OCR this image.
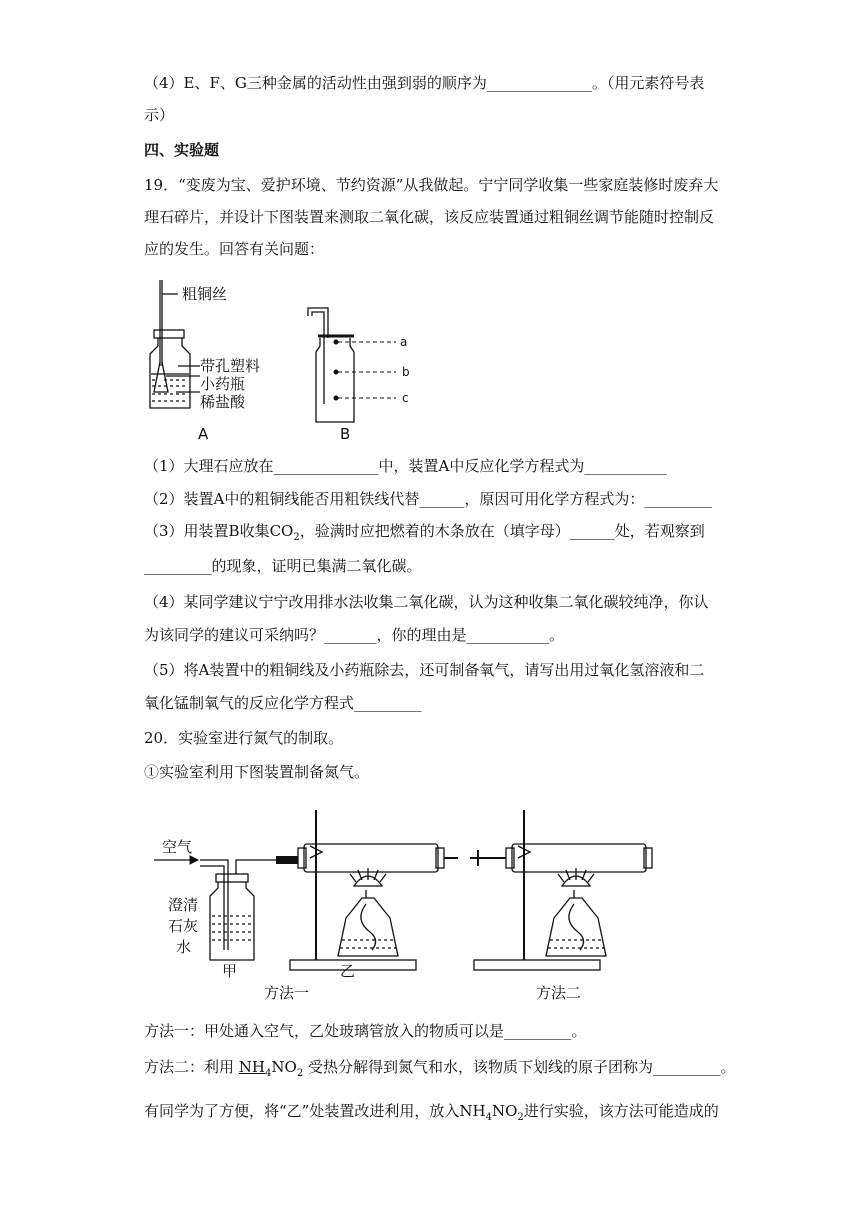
（4）E、F、G三种金属的活动性由强到弱的顺序为______________。（用元素符号表
示）
四、实验题
19．“变废为宝、爱护环境、节约资源”从我做起。宁宁同学收集一些家庭装修时废弃大
理石碎片，并设计下图装置来测取二氧化碳，该反应装置通过粗铜丝调节能随时控制反
应的发生。回答有关问题：
粗铜丝
带孔塑料
小药瓶
稀盐酸
A
a
b
c
B
（1）大理石应放在______________中，装置A中反应化学方程式为___________
（2）装置A中的粗铜线能否用粗铁线代替______，原因可用化学方程式为：_________
（3）用装置B收集$CO_2$，验满时应把燃着的木条放在（填字母）______处，若观察到
_________的现象，证明已集满二氧化碳。
（4）某同学建议宁宁改用排水法收集二氧化碳，认为这种收集二氧化碳较纯净，你认
为该同学的建议可采纳吗？_______，你的理由是___________。
（5）将A装置中的粗铜线及小药瓶除去，还可制备氧气，请写出用过氧化氢溶液和二
氧化锰制氧气的反应化学方程式_________
20．实验室进行氮气的制取。
①实验室利用下图装置制备氮气。
空气
澄清
石灰
水
甲	乙
方法一	方法二
方法一：甲处通入空气，乙处玻璃管放入的物质可以是_________。
方法二：利用 $NH_4NO_2$ 受热分解得到氮气和水，该物质下划线的原子团称为_________。
有同学为了方便，将“乙”处装置改进利用，放入$NH_4NO_2$进行实验，该方法可能造成的
